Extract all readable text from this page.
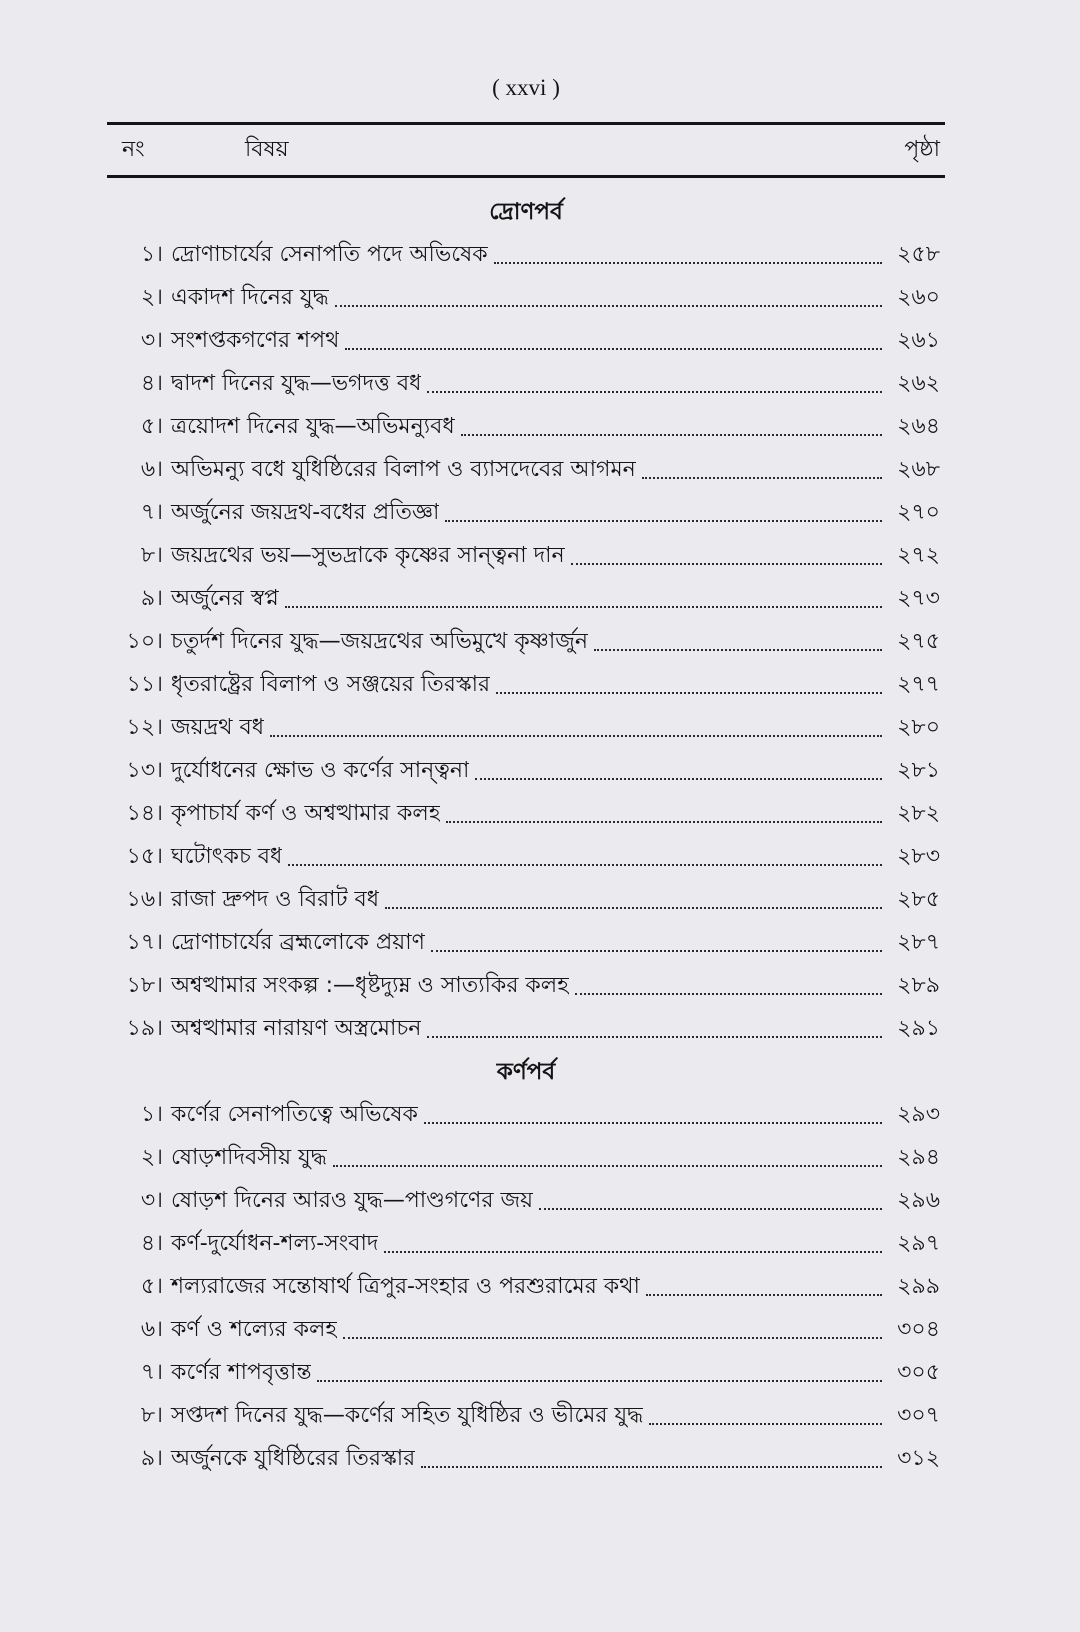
( xxvi )
নং	বিষয়	পৃষ্ঠা
দ্রোণপর্ব
১। দ্রোণাচার্যের সেনাপতি পদে অভিষেক	২৫৮
২। একাদশ দিনের যুদ্ধ	২৬০
৩। সংশপ্তকগণের শপথ	২৬১
৪। দ্বাদশ দিনের যুদ্ধ—ভগদত্ত বধ	২৬২
৫। ত্রয়োদশ দিনের যুদ্ধ—অভিমন্যুবধ	২৬৪
৬। অভিমন্যু বধে যুধিষ্ঠিরের বিলাপ ও ব্যাসদেবের আগমন	২৬৮
৭। অর্জুনের জয়দ্রথ-বধের প্রতিজ্ঞা	২৭০
৮। জয়দ্রথের ভয়—সুভদ্রাকে কৃষ্ণের সান্ত্বনা দান	২৭২
৯। অর্জুনের স্বপ্ন	২৭৩
১০। চতুর্দশ দিনের যুদ্ধ—জয়দ্রথের অভিমুখে কৃষ্ণার্জুন	২৭৫
১১। ধৃতরাষ্ট্রের বিলাপ ও সঞ্জয়ের তিরস্কার	২৭৭
১২। জয়দ্রথ বধ	২৮০
১৩। দুর্যোধনের ক্ষোভ ও কর্ণের সান্ত্বনা	২৮১
১৪। কৃপাচার্য কর্ণ ও অশ্বত্থামার কলহ	২৮২
১৫। ঘটোৎকচ বধ	২৮৩
১৬। রাজা দ্রুপদ ও বিরাট বধ	২৮৫
১৭। দ্রোণাচার্যের ব্রহ্মলোকে প্রয়াণ	২৮৭
১৮। অশ্বত্থামার সংকল্প :—ধৃষ্টদ্যুম্ন ও সাত্যকির কলহ	২৮৯
১৯। অশ্বত্থামার নারায়ণ অস্ত্রমোচন	২৯১
কর্ণপর্ব
১। কর্ণের সেনাপতিত্বে অভিষেক	২৯৩
২। ষোড়শদিবসীয় যুদ্ধ	২৯৪
৩। ষোড়শ দিনের আরও যুদ্ধ—পাণ্ডগণের জয়	২৯৬
৪। কর্ণ-দুর্যোধন-শল্য-সংবাদ	২৯৭
৫। শল্যরাজের সন্তোষার্থ ত্রিপুর-সংহার ও পরশুরামের কথা	২৯৯
৬। কর্ণ ও শল্যের কলহ	৩০৪
৭। কর্ণের শাপবৃত্তান্ত	৩০৫
৮। সপ্তদশ দিনের যুদ্ধ—কর্ণের সহিত যুধিষ্ঠির ও ভীমের যুদ্ধ	৩০৭
৯। অর্জুনকে যুধিষ্ঠিরের তিরস্কার	৩১২
